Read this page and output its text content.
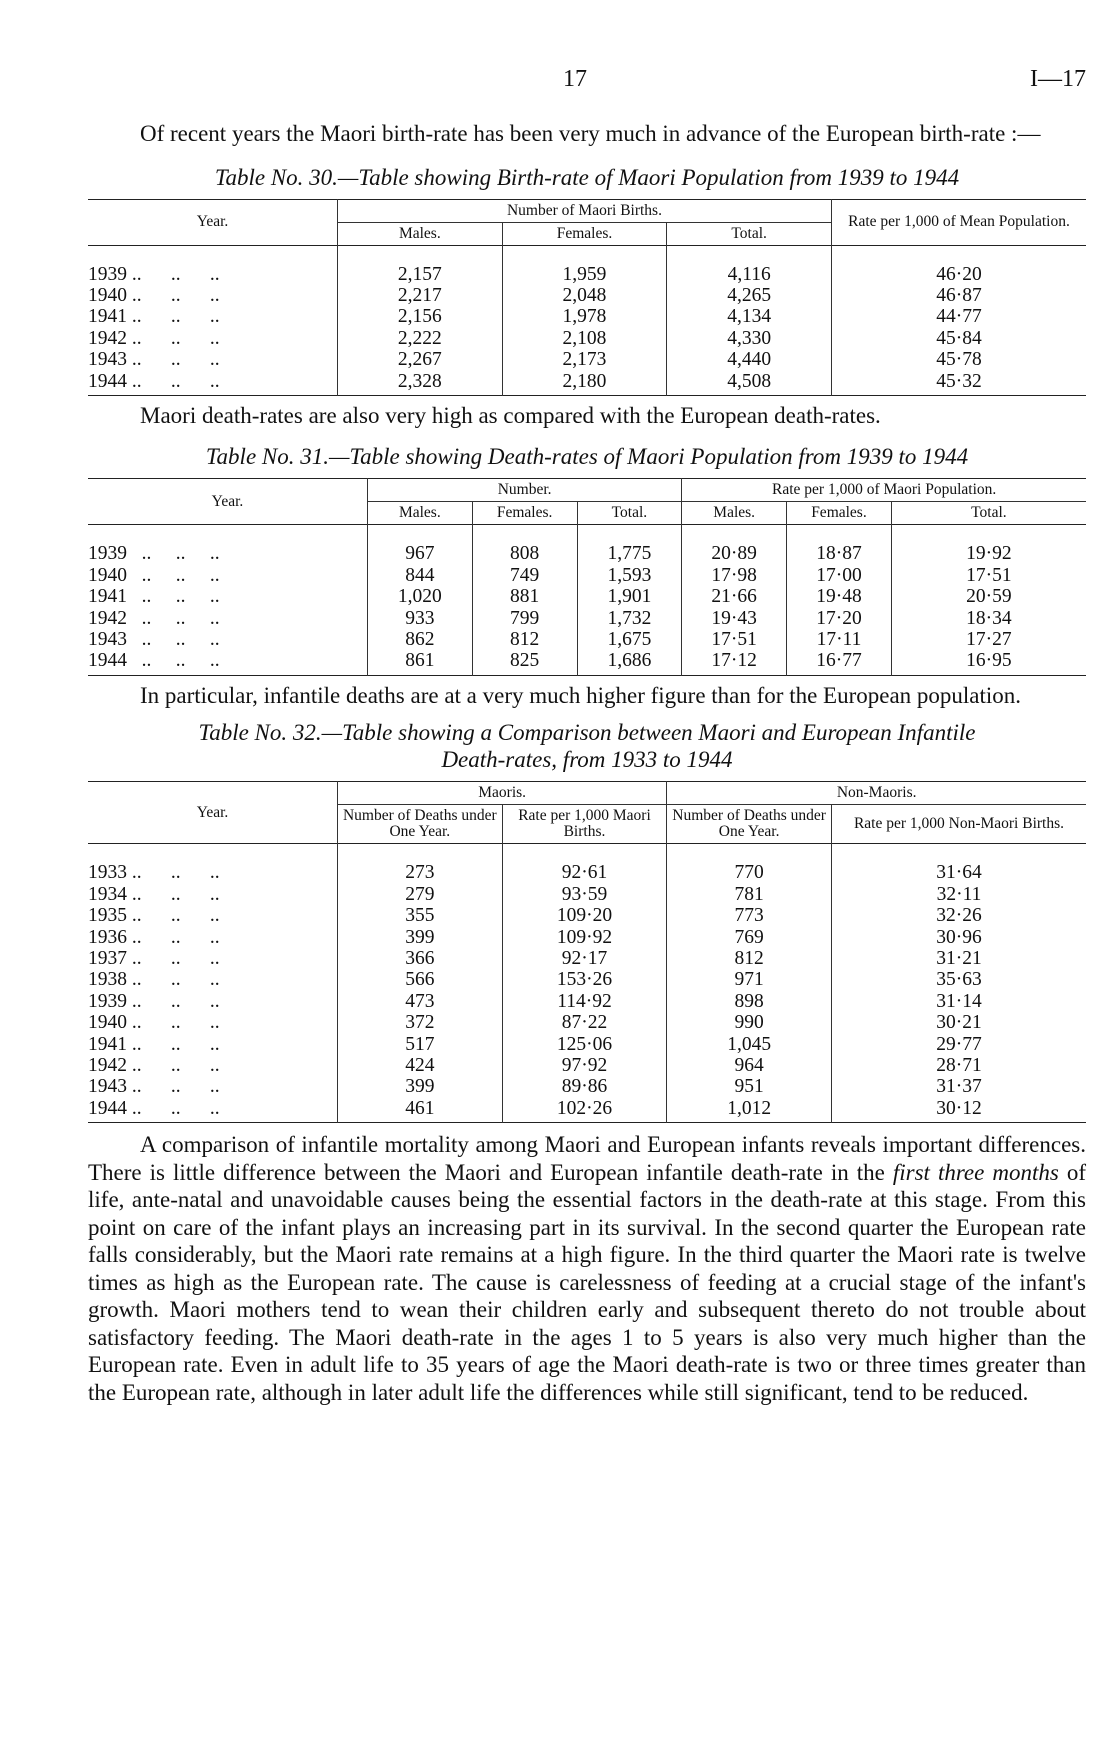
17	I—17

Of recent years the Maori birth-rate has been very much in advance of the European birth-rate :—

Table No. 30.—Table showing Birth-rate of Maori Population from 1939 to 1944
Year.	Number of Maori Births.			Rate per 1,000 of Mean Population.
	Males.	Females.	Total.	
1939 ..      ..      ..	2,157	1,959	4,116	46·20
1940 ..      ..      ..	2,217	2,048	4,265	46·87
1941 ..      ..      ..	2,156	1,978	4,134	44·77
1942 ..      ..      ..	2,222	2,108	4,330	45·84
1943 ..      ..      ..	2,267	2,173	4,440	45·78
1944 ..      ..      ..	2,328	2,180	4,508	45·32

Maori death-rates are also very high as compared with the European death-rates.

Table No. 31.—Table showing Death-rates of Maori Population from 1939 to 1944
Year.	Number.			Rate per 1,000 of Maori Population.		
	Males.	Females.	Total.	Males.	Females.	Total.
1939   ..     ..     ..	967	808	1,775	20·89	18·87	19·92
1940   ..     ..     ..	844	749	1,593	17·98	17·00	17·51
1941   ..     ..     ..	1,020	881	1,901	21·66	19·48	20·59
1942   ..     ..     ..	933	799	1,732	19·43	17·20	18·34
1943   ..     ..     ..	862	812	1,675	17·51	17·11	17·27
1944   ..     ..     ..	861	825	1,686	17·12	16·77	16·95

In particular, infantile deaths are at a very much higher figure than for the European population.

Table No. 32.—Table showing a Comparison between Maori and European Infantile
Death-rates, from 1933 to 1944
Year.	Maoris.		Non-Maoris.	
	Number of Deaths under One Year.	Rate per 1,000 Maori Births.	Number of Deaths under One Year.	Rate per 1,000 Non-Maori Births.
1933 ..      ..      ..	273	92·61	770	31·64
1934 ..      ..      ..	279	93·59	781	32·11
1935 ..      ..      ..	355	109·20	773	32·26
1936 ..      ..      ..	399	109·92	769	30·96
1937 ..      ..      ..	366	92·17	812	31·21
1938 ..      ..      ..	566	153·26	971	35·63
1939 ..      ..      ..	473	114·92	898	31·14
1940 ..      ..      ..	372	87·22	990	30·21
1941 ..      ..      ..	517	125·06	1,045	29·77
1942 ..      ..      ..	424	97·92	964	28·71
1943 ..      ..      ..	399	89·86	951	31·37
1944 ..      ..      ..	461	102·26	1,012	30·12

A comparison of infantile mortality among Maori and European infants reveals important differences. There is little difference between the Maori and European infantile death-rate in the first three months of life, ante-natal and unavoidable causes being the essential factors in the death-rate at this stage. From this point on care of the infant plays an increasing part in its survival. In the second quarter the European rate falls considerably, but the Maori rate remains at a high figure. In the third quarter the Maori rate is twelve times as high as the European rate. The cause is carelessness of feeding at a crucial stage of the infant's growth. Maori mothers tend to wean their children early and subsequent thereto do not trouble about satisfactory feeding. The Maori death-rate in the ages 1 to 5 years is also very much higher than the European rate. Even in adult life to 35 years of age the Maori death-rate is two or three times greater than the European rate, although in later adult life the differences while still significant, tend to be reduced.
